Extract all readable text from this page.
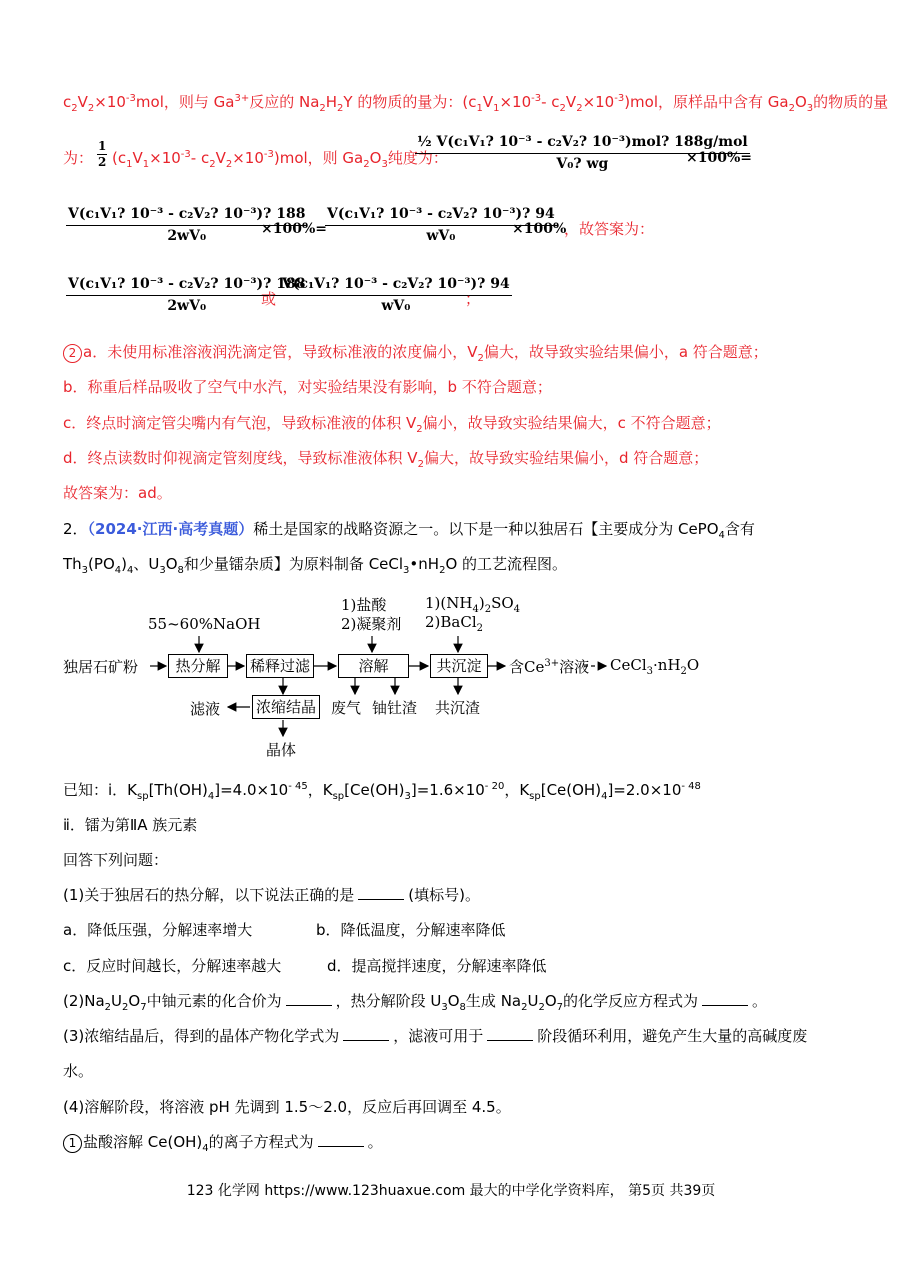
$c_2V_2\times 10^{-3}mol$，则与 $Ga^{3+}$反应的 $Na_2H_2Y$ 的物质的量为：($c_1V_1\times 10^{-3}-$ $c_2V_2\times 10^{-3})mol$，原样品中含有 $Ga_2O_3$的物质的量
为： $\frac{1}{2} (c_1V_1\times 10^{-3}-$ $c_2V_2\times 10^{-3})mol$，则 $Ga_2O_3$纯度为：
½ V(c₁V₁? 10⁻³ - c₂V₂? 10⁻³)mol? 188g/mol
V₀? wg	×100%=
$\frac{\text{V(c₁V₁? 10⁻³ - c₂V₂? 10⁻³)? 188}}{\text{2wV₀}}$
×100%=
$\frac{\text{V(c₁V₁? 10⁻³ - c₂V₂? 10⁻³)? 94}}{\text{wV₀}}$
×100%
，故答案为：
$\frac{\text{V(c₁V₁? 10⁻³ - c₂V₂? 10⁻³)? 188}}{\text{2wV₀}}$
或 $\frac{\text{V(c₁V₁? 10⁻³ - c₂V₂? 10⁻³)? 94}}{\text{wV₀}}$
；
2 a．未使用标准溶液润洗滴定管，导致标准液的浓度偏小，$V_2$偏大，故导致实验结果偏小，a 符合题意；
b．称重后样品吸收了空气中水汽，对实验结果没有影响，b 不符合题意；
c．终点时滴定管尖嘴内有气泡，导致标准液的体积 $V_2$偏小，故导致实验结果偏大，c 不符合题意；
d．终点读数时仰视滴定管刻度线，导致标准液体积 $V_2$偏大，故导致实验结果偏小，d 符合题意；
故答案为：ad。
2．（2024·江西·高考真题）稀土是国家的战略资源之一。以下是一种以独居石【主要成分为 CePO$_4$含有
$Th_3(PO_4)_4$、$U_3O_8$和少量镭杂质】为原料制备 $CeCl_3•nH_2O$ 的工艺流程图。
独居石矿粉
55~60%NaOH
热分解	稀释过滤	溶解	共沉淀
1)盐酸
2)凝聚剂
$1)(NH_4)_2SO_4$
2)BaCl$_2$
含$Ce^{3+}$溶液 $CeCl_3\cdot nH_2O$
浓缩结晶
滤液
晶体
废气 铀钍渣 共沉渣
已知：ⅰ．$K_{sp}[Th(OH)_4]=4.0\times 10^{- 45}$，$K_{sp}[Ce(OH)_3]=1.6\times 10^{- 20}$，$K_{sp}[Ce(OH)_4]=2.0\times 10^{- 48}$
ⅱ．镭为第ⅡA 族元素
回答下列问题：
(1)关于独居石的热分解，以下说法正确的是	(填标号)。
a．降低压强，分解速率增大	b．降低温度，分解速率降低
c．反应时间越长，分解速率越大	d．提高搅拌速度，分解速率降低
$(2)Na_2U_2O_7$中铀元素的化合价为	，热分解阶段 $U_3O_8$生成 $Na_2U_2O_7$的化学反应方程式为	。
(3)浓缩结晶后，得到的晶体产物化学式为	，滤液可用于	阶段循环利用，避免产生大量的高碱度废
水。
(4)溶解阶段，将溶液 pH 先调到 1.5～2.0，反应后再回调至 4.5。
1 盐酸溶解 $Ce(OH)_4$的离子方程式为	。
123 化学网 https://www.123huaxue.com 最大的中学化学资料库， 第5页 共39页
